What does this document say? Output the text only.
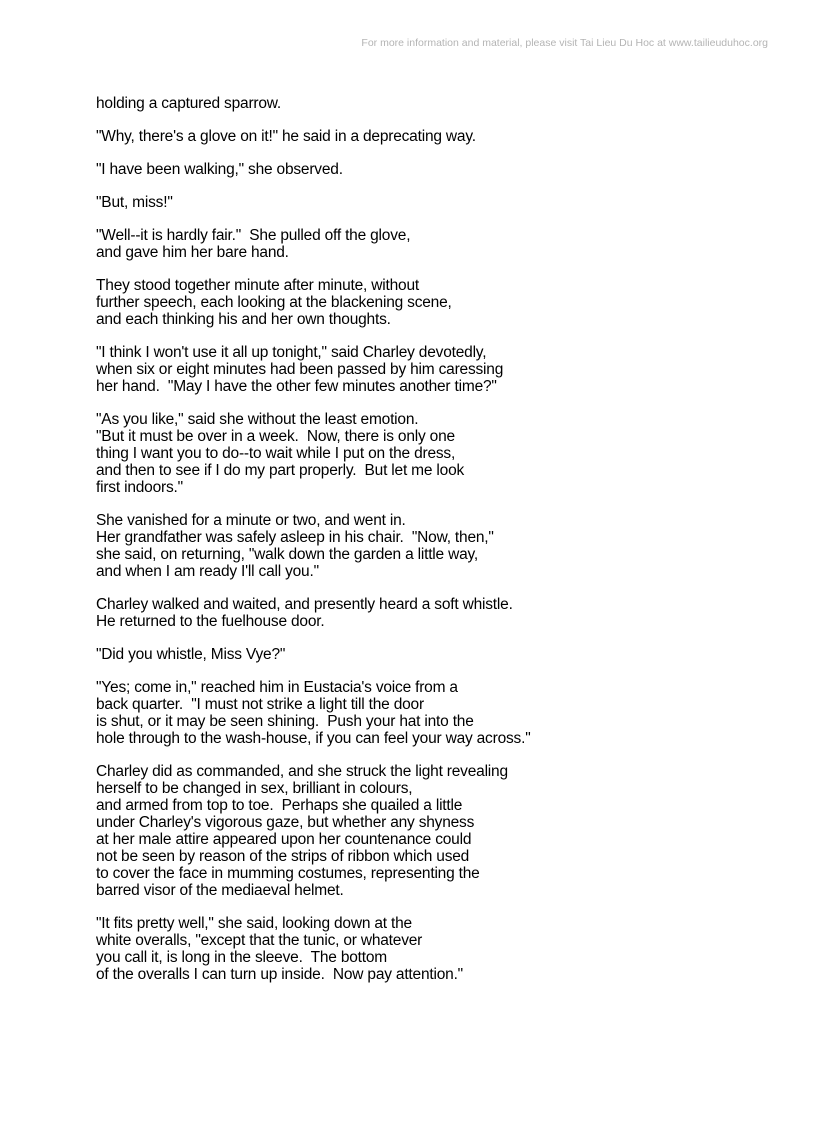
For more information and material, please visit Tai Lieu Du Hoc at www.tailieuduhoc.org

holding a captured sparrow.

"Why, there's a glove on it!" he said in a deprecating way.

"I have been walking," she observed.

"But, miss!"

"Well--it is hardly fair."  She pulled off the glove,
and gave him her bare hand.

They stood together minute after minute, without
further speech, each looking at the blackening scene,
and each thinking his and her own thoughts.

"I think I won't use it all up tonight," said Charley devotedly,
when six or eight minutes had been passed by him caressing
her hand.  "May I have the other few minutes another time?"

"As you like," said she without the least emotion.
"But it must be over in a week.  Now, there is only one
thing I want you to do--to wait while I put on the dress,
and then to see if I do my part properly.  But let me look
first indoors."

She vanished for a minute or two, and went in.
Her grandfather was safely asleep in his chair.  "Now, then,"
she said, on returning, "walk down the garden a little way,
and when I am ready I'll call you."

Charley walked and waited, and presently heard a soft whistle.
He returned to the fuelhouse door.

"Did you whistle, Miss Vye?"

"Yes; come in," reached him in Eustacia's voice from a
back quarter.  "I must not strike a light till the door
is shut, or it may be seen shining.  Push your hat into the
hole through to the wash-house, if you can feel your way across."

Charley did as commanded, and she struck the light revealing
herself to be changed in sex, brilliant in colours,
and armed from top to toe.  Perhaps she quailed a little
under Charley's vigorous gaze, but whether any shyness
at her male attire appeared upon her countenance could
not be seen by reason of the strips of ribbon which used
to cover the face in mumming costumes, representing the
barred visor of the mediaeval helmet.

"It fits pretty well," she said, looking down at the
white overalls, "except that the tunic, or whatever
you call it, is long in the sleeve.  The bottom
of the overalls I can turn up inside.  Now pay attention."
